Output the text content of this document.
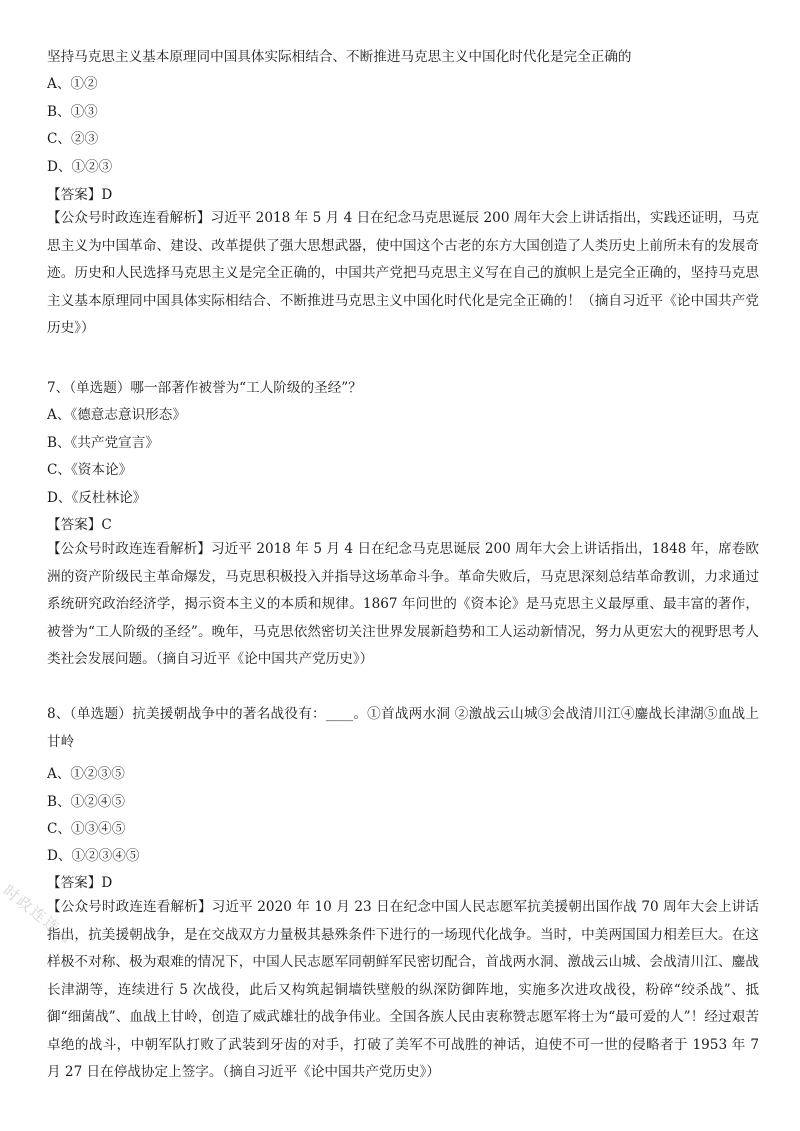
坚持马克思主义基本原理同中国具体实际相结合、不断推进马克思主义中国化时代化是完全正确的
A、①②
B、①③
C、②③
D、①②③
【答案】D
【公众号时政连连看解析】习近平 2018 年 5 月 4 日在纪念马克思诞辰 200 周年大会上讲话指出，实践还证明，马克思主义为中国革命、建设、改革提供了强大思想武器，使中国这个古老的东方大国创造了人类历史上前所未有的发展奇迹。历史和人民选择马克思主义是完全正确的，中国共产党把马克思主义写在自己的旗帜上是完全正确的，坚持马克思主义基本原理同中国具体实际相结合、不断推进马克思主义中国化时代化是完全正确的！（摘自习近平《论中国共产党历史》）
7、（单选题）哪一部著作被誉为“工人阶级的圣经”？
A、《德意志意识形态》
B、《共产党宣言》
C、《资本论》
D、《反杜林论》
【答案】C
【公众号时政连连看解析】习近平 2018 年 5 月 4 日在纪念马克思诞辰 200 周年大会上讲话指出，1848 年，席卷欧洲的资产阶级民主革命爆发，马克思积极投入并指导这场革命斗争。革命失败后，马克思深刻总结革命教训，力求通过系统研究政治经济学，揭示资本主义的本质和规律。1867 年问世的《资本论》是马克思主义最厚重、最丰富的著作，被誉为“工人阶级的圣经”。晚年，马克思依然密切关注世界发展新趋势和工人运动新情况，努力从更宏大的视野思考人类社会发展问题。（摘自习近平《论中国共产党历史》）
8、（单选题）抗美援朝战争中的著名战役有：____。①首战两水洞 ②激战云山城③会战清川江④鏖战长津湖⑤血战上甘岭
A、①②③⑤
B、①②④⑤
C、①③④⑤
D、①②③④⑤
【答案】D
【公众号时政连连看解析】习近平 2020 年 10 月 23 日在纪念中国人民志愿军抗美援朝出国作战 70 周年大会上讲话指出，抗美援朝战争，是在交战双方力量极其悬殊条件下进行的一场现代化战争。当时，中美两国国力相差巨大。在这样极不对称、极为艰难的情况下，中国人民志愿军同朝鲜军民密切配合，首战两水洞、激战云山城、会战清川江、鏖战长津湖等，连续进行 5 次战役，此后又构筑起铜墙铁壁般的纵深防御阵地，实施多次进攻战役，粉碎“绞杀战”、抵御“细菌战”、血战上甘岭，创造了威武雄壮的战争伟业。全国各族人民由衷称赞志愿军将士为“最可爱的人”！经过艰苦卓绝的战斗，中朝军队打败了武装到牙齿的对手，打破了美军不可战胜的神话，迫使不可一世的侵略者于 1953 年 7 月 27 日在停战协定上签字。（摘自习近平《论中国共产党历史》）
时政连连看
